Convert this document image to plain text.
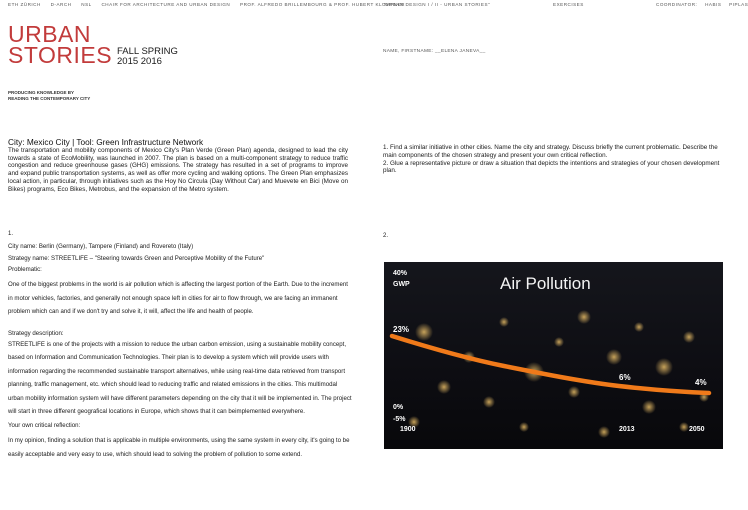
ETH ZÜRICH D-ARCH NSL CHAIR FOR ARCHITECTURE AND URBAN DESIGN PROF. ALFREDO BRILLEMBOURG & PROF. HUBERT KLUMPNER
"URBAN DESIGN I / II - URBAN STORIES"	EXERCISES	COORDINATOR: HABIS PIPLAS
URBAN
STORIES FALL SPRING
2015 2016
PRODUCING KNOWLEDGE BY
READING THE CONTEMPORARY CITY
NAME, FIRSTNAME: __ELENA JANEVA__
City: Mexico City | Tool: Green Infrastructure Network
The transportation and mobility components of Mexico City's Plan Verde (Green Plan) agenda, designed to lead the city towards a state of EcoMobility, was launched in 2007. The plan is based on a multi-component strategy to reduce traffic congestion and reduce greenhouse gases (GHG) emissions. The strategy has resulted in a set of programs to improve and expand public transportation systems, as well as offer more cycling and walking options. The Green Plan emphasizes local action, in particular, through initiatives such as the Hoy No Circula (Day Without Car) and Muevete en Bici (Move on Bikes) programs, Eco Bikes, Metrobus, and the expansion of the Metro system.
1.

City name: Berlin (Germany), Tampere (Finland) and Rovereto (Italy)

Strategy name: STREETLIFE – "Steering towards Green and Perceptive Mobility of the Future"

Problematic:

One of the biggest problems in the world is air pollution which is affecting the largest portion of the Earth. Due to the increment in motor vehicles, factories, and generally not enough space left in cities for air to flow through, we are facing an immanent problem which can and if we don't try and solve it, it will, affect the life and health of people.

Strategy description:

STREETLIFE is one of the projects with a mission to reduce the urban carbon emission, using a sustainable mobility concept, based on Information and Communication Technologies. Their plan is to develop a system which will provide users with information regarding the recommended sustainable transport alternatives, while using real-time data retrieved from transport planning, traffic management, etc. which should lead to reducing traffic and related emissions in the cities. This multimodal urban mobility information system will have different parameters depending on the city that it will be implemented in. The project will start in three different geografical locations in Europe, which shows that it can beimplemented everywhere.

Your own critical reflection:

In my opinion, finding a solution that is applicable in multiple environments, using the same system in every city, it's going to be easily acceptable and very easy to use, which should lead to solving the problem of pollution to some extend.

1. Find a similar initiative in other cities. Name the city and strategy. Discuss briefly the current problematic. Describe the main components of the chosen strategy and present your own critical reflection.

2. Glue a representative picture or draw a situation that depicts the intentions and strategies of your chosen development plan.

2.
40%
GWP
23%
0%
-5%
1900	2013	2050
6%
4%
Air Pollution
